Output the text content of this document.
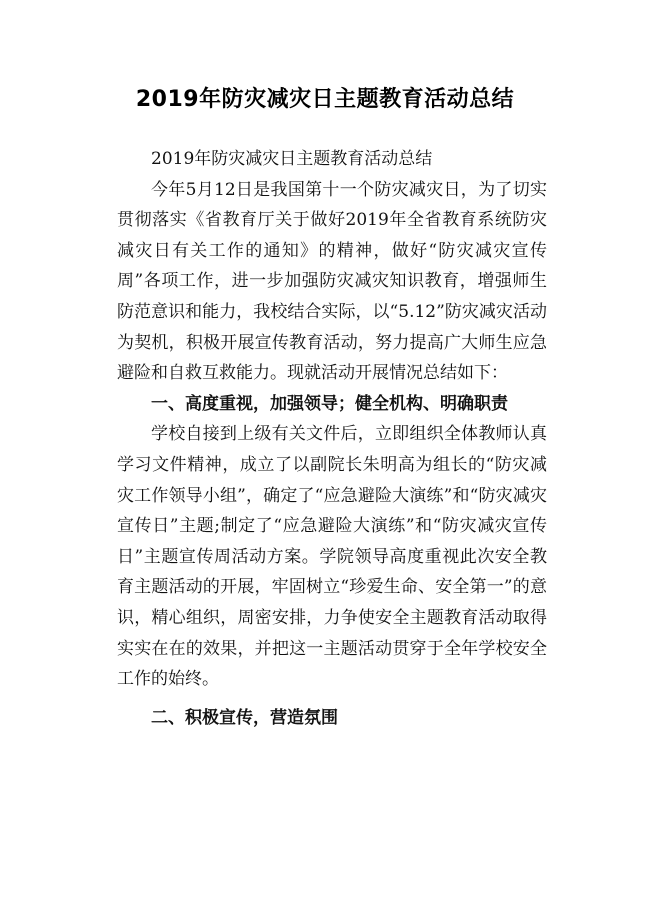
2019年防灾减灾日主题教育活动总结

2019年防灾减灾日主题教育活动总结

今年5月12日是我国第十一个防灾减灾日，为了切实贯彻落实《省教育厅关于做好2019年全省教育系统防灾减灾日有关工作的通知》的精神，做好“防灾减灾宣传周”各项工作，进一步加强防灾减灾知识教育，增强师生防范意识和能力，我校结合实际，以“5.12”防灾减灾活动为契机，积极开展宣传教育活动，努力提高广大师生应急避险和自救互救能力。现就活动开展情况总结如下：

一、高度重视，加强领导；健全机构、明确职责

学校自接到上级有关文件后，立即组织全体教师认真学习文件精神，成立了以副院长朱明高为组长的“防灾减灾工作领导小组”，确定了“应急避险大演练”和“防灾减灾宣传日”主题;制定了“应急避险大演练”和“防灾减灾宣传日”主题宣传周活动方案。学院领导高度重视此次安全教育主题活动的开展，牢固树立“珍爱生命、安全第一”的意识，精心组织，周密安排，力争使安全主题教育活动取得实实在在的效果，并把这一主题活动贯穿于全年学校安全工作的始终。

二、积极宣传，营造氛围
